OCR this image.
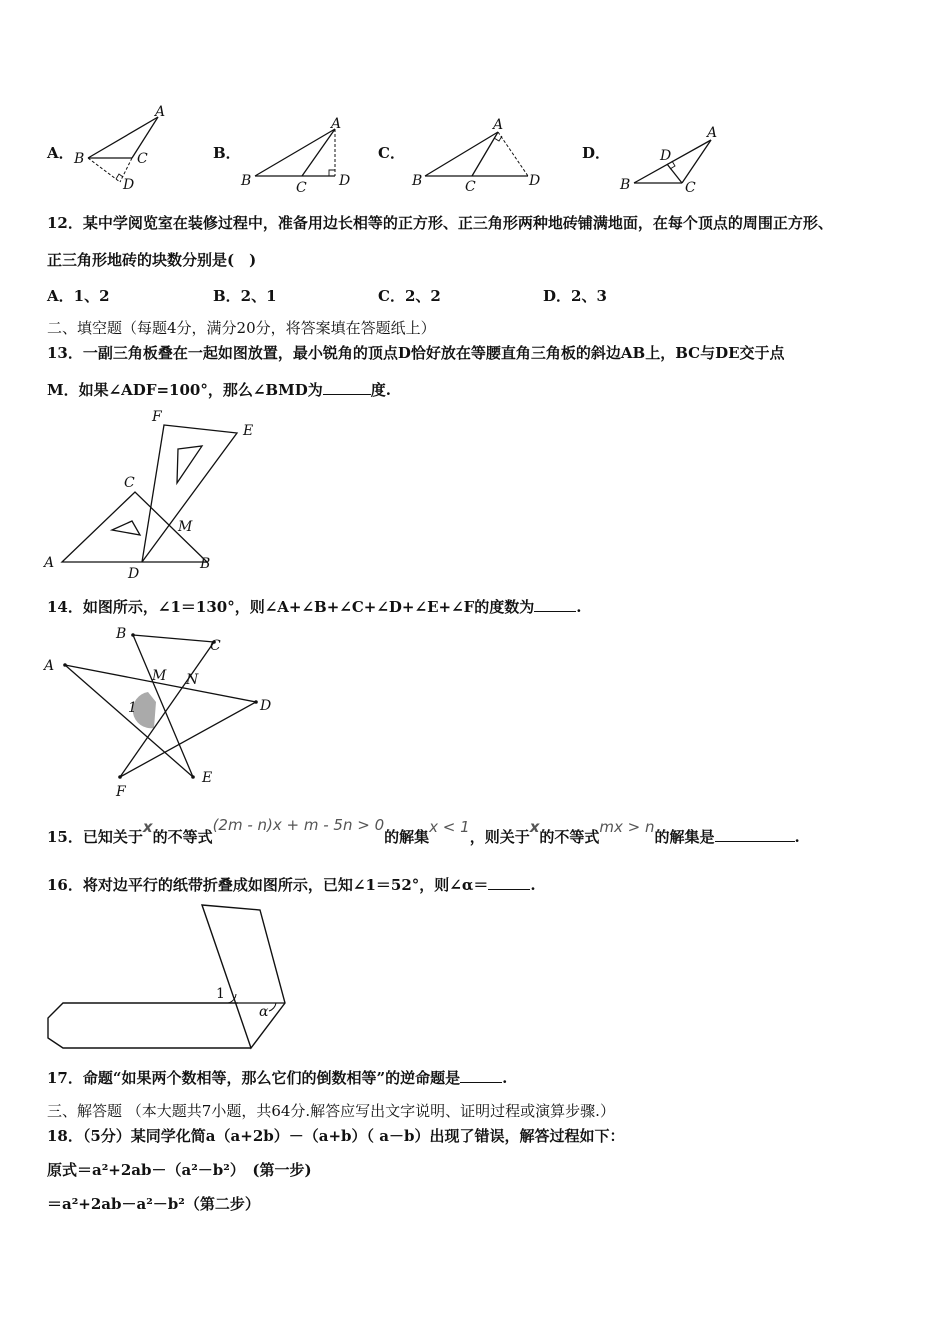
A．
A
B	C
D
B．
A
B	C D
C．
A
B	C	D
D．
A
B	C
D
12．某中学阅览室在装修过程中，准备用边长相等的正方形、正三角形两种地砖铺满地面，在每个顶点的周围正方形、
正三角形地砖的块数分别是(　)
A．1、2	B．2、1	C．2、2	D．2、3
二、填空题（每题4分，满分20分，将答案填在答题纸上）
13．一副三角板叠在一起如图放置，最小锐角的顶点D恰好放在等腰直角三角板的斜边AB上，BC与DE交于点
M．如果∠ADF=100°，那么∠BMD为	度.
F
E
C
M
A
D
B
14．如图所示，∠1＝130°，则∠A+∠B+∠C+∠D+∠E+∠F的度数为	.
B
C
A
M N
1	D
F
E
15．已知关于x的不等式(2m - n)x + m - 5n > 0的解集x < 1，则关于x的不等式mx > n的解集是	.
16．将对边平行的纸带折叠成如图所示，已知∠1＝52°，则∠α＝	.
1
α
17．命题“如果两个数相等，那么它们的倒数相等”的逆命题是	.
三、解答题 （本大题共7小题，共64分.解答应写出文字说明、证明过程或演算步骤.）
18．（5分）某同学化简a（a+2b）－（a+b）（ a－b）出现了错误，解答过程如下：
原式＝a²+2ab－（a²－b²）　(第一步)
＝a²+2ab－a²－b²（第二步）
